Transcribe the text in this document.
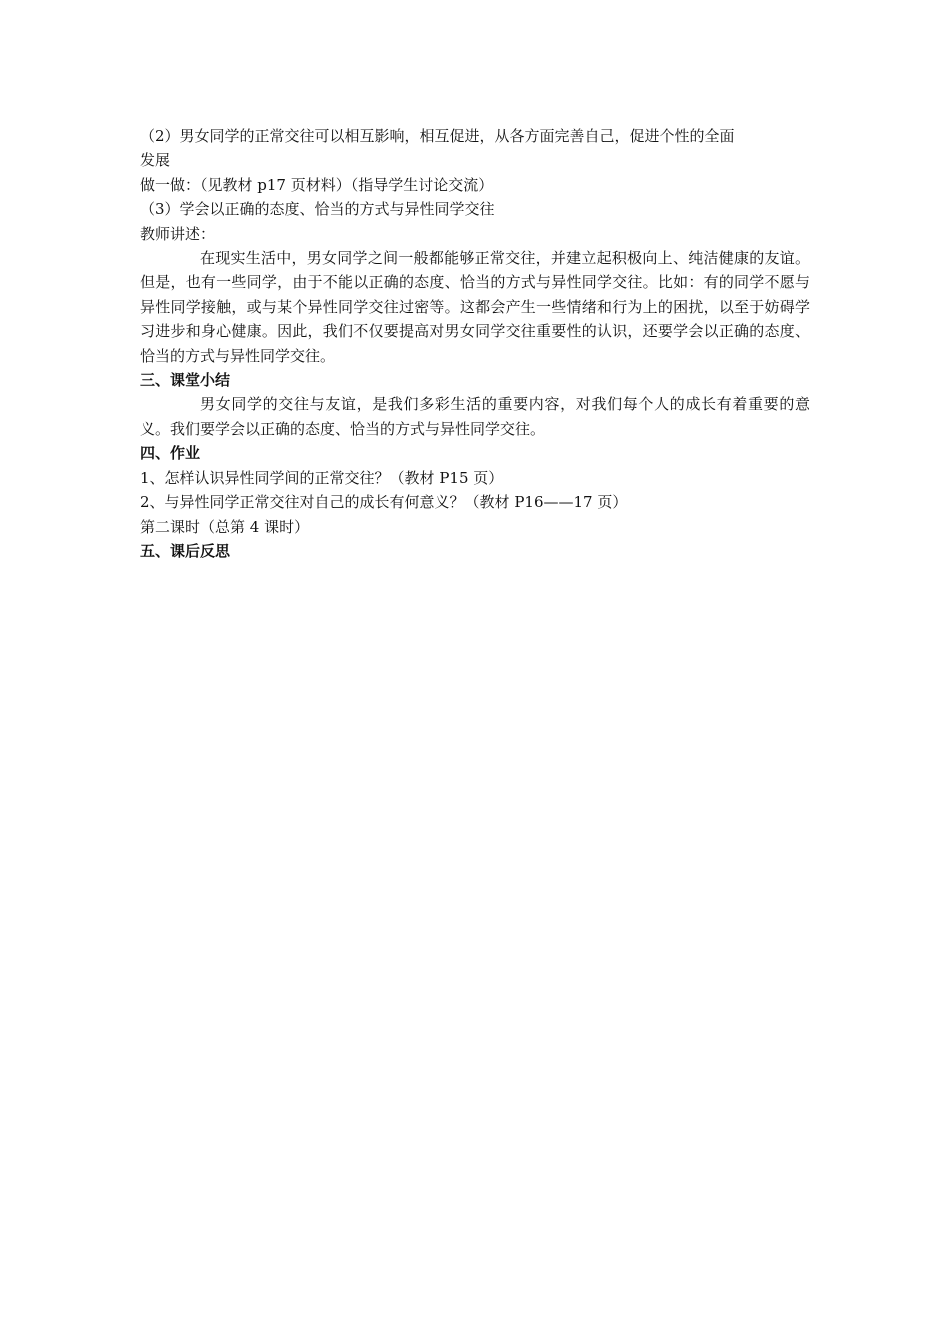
（2）男女同学的正常交往可以相互影响，相互促进，从各方面完善自己，促进个性的全面
发展
做一做：（见教材 p17 页材料）（指导学生讨论交流）
（3）学会以正确的态度、恰当的方式与异性同学交往
教师讲述：
在现实生活中，男女同学之间一般都能够正常交往，并建立起积极向上、纯洁健康的友谊。但是，也有一些同学，由于不能以正确的态度、恰当的方式与异性同学交往。比如：有的同学不愿与异性同学接触，或与某个异性同学交往过密等。这都会产生一些情绪和行为上的困扰，以至于妨碍学习进步和身心健康。因此，我们不仅要提高对男女同学交往重要性的认识，还要学会以正确的态度、恰当的方式与异性同学交往。
三、课堂小结
男女同学的交往与友谊，是我们多彩生活的重要内容，对我们每个人的成长有着重要的意义。我们要学会以正确的态度、恰当的方式与异性同学交往。
四、作业
1、怎样认识异性同学间的正常交往？（教材 P15 页）
2、与异性同学正常交往对自己的成长有何意义？（教材 P16——17 页）
第二课时（总第 4 课时）
五、课后反思
